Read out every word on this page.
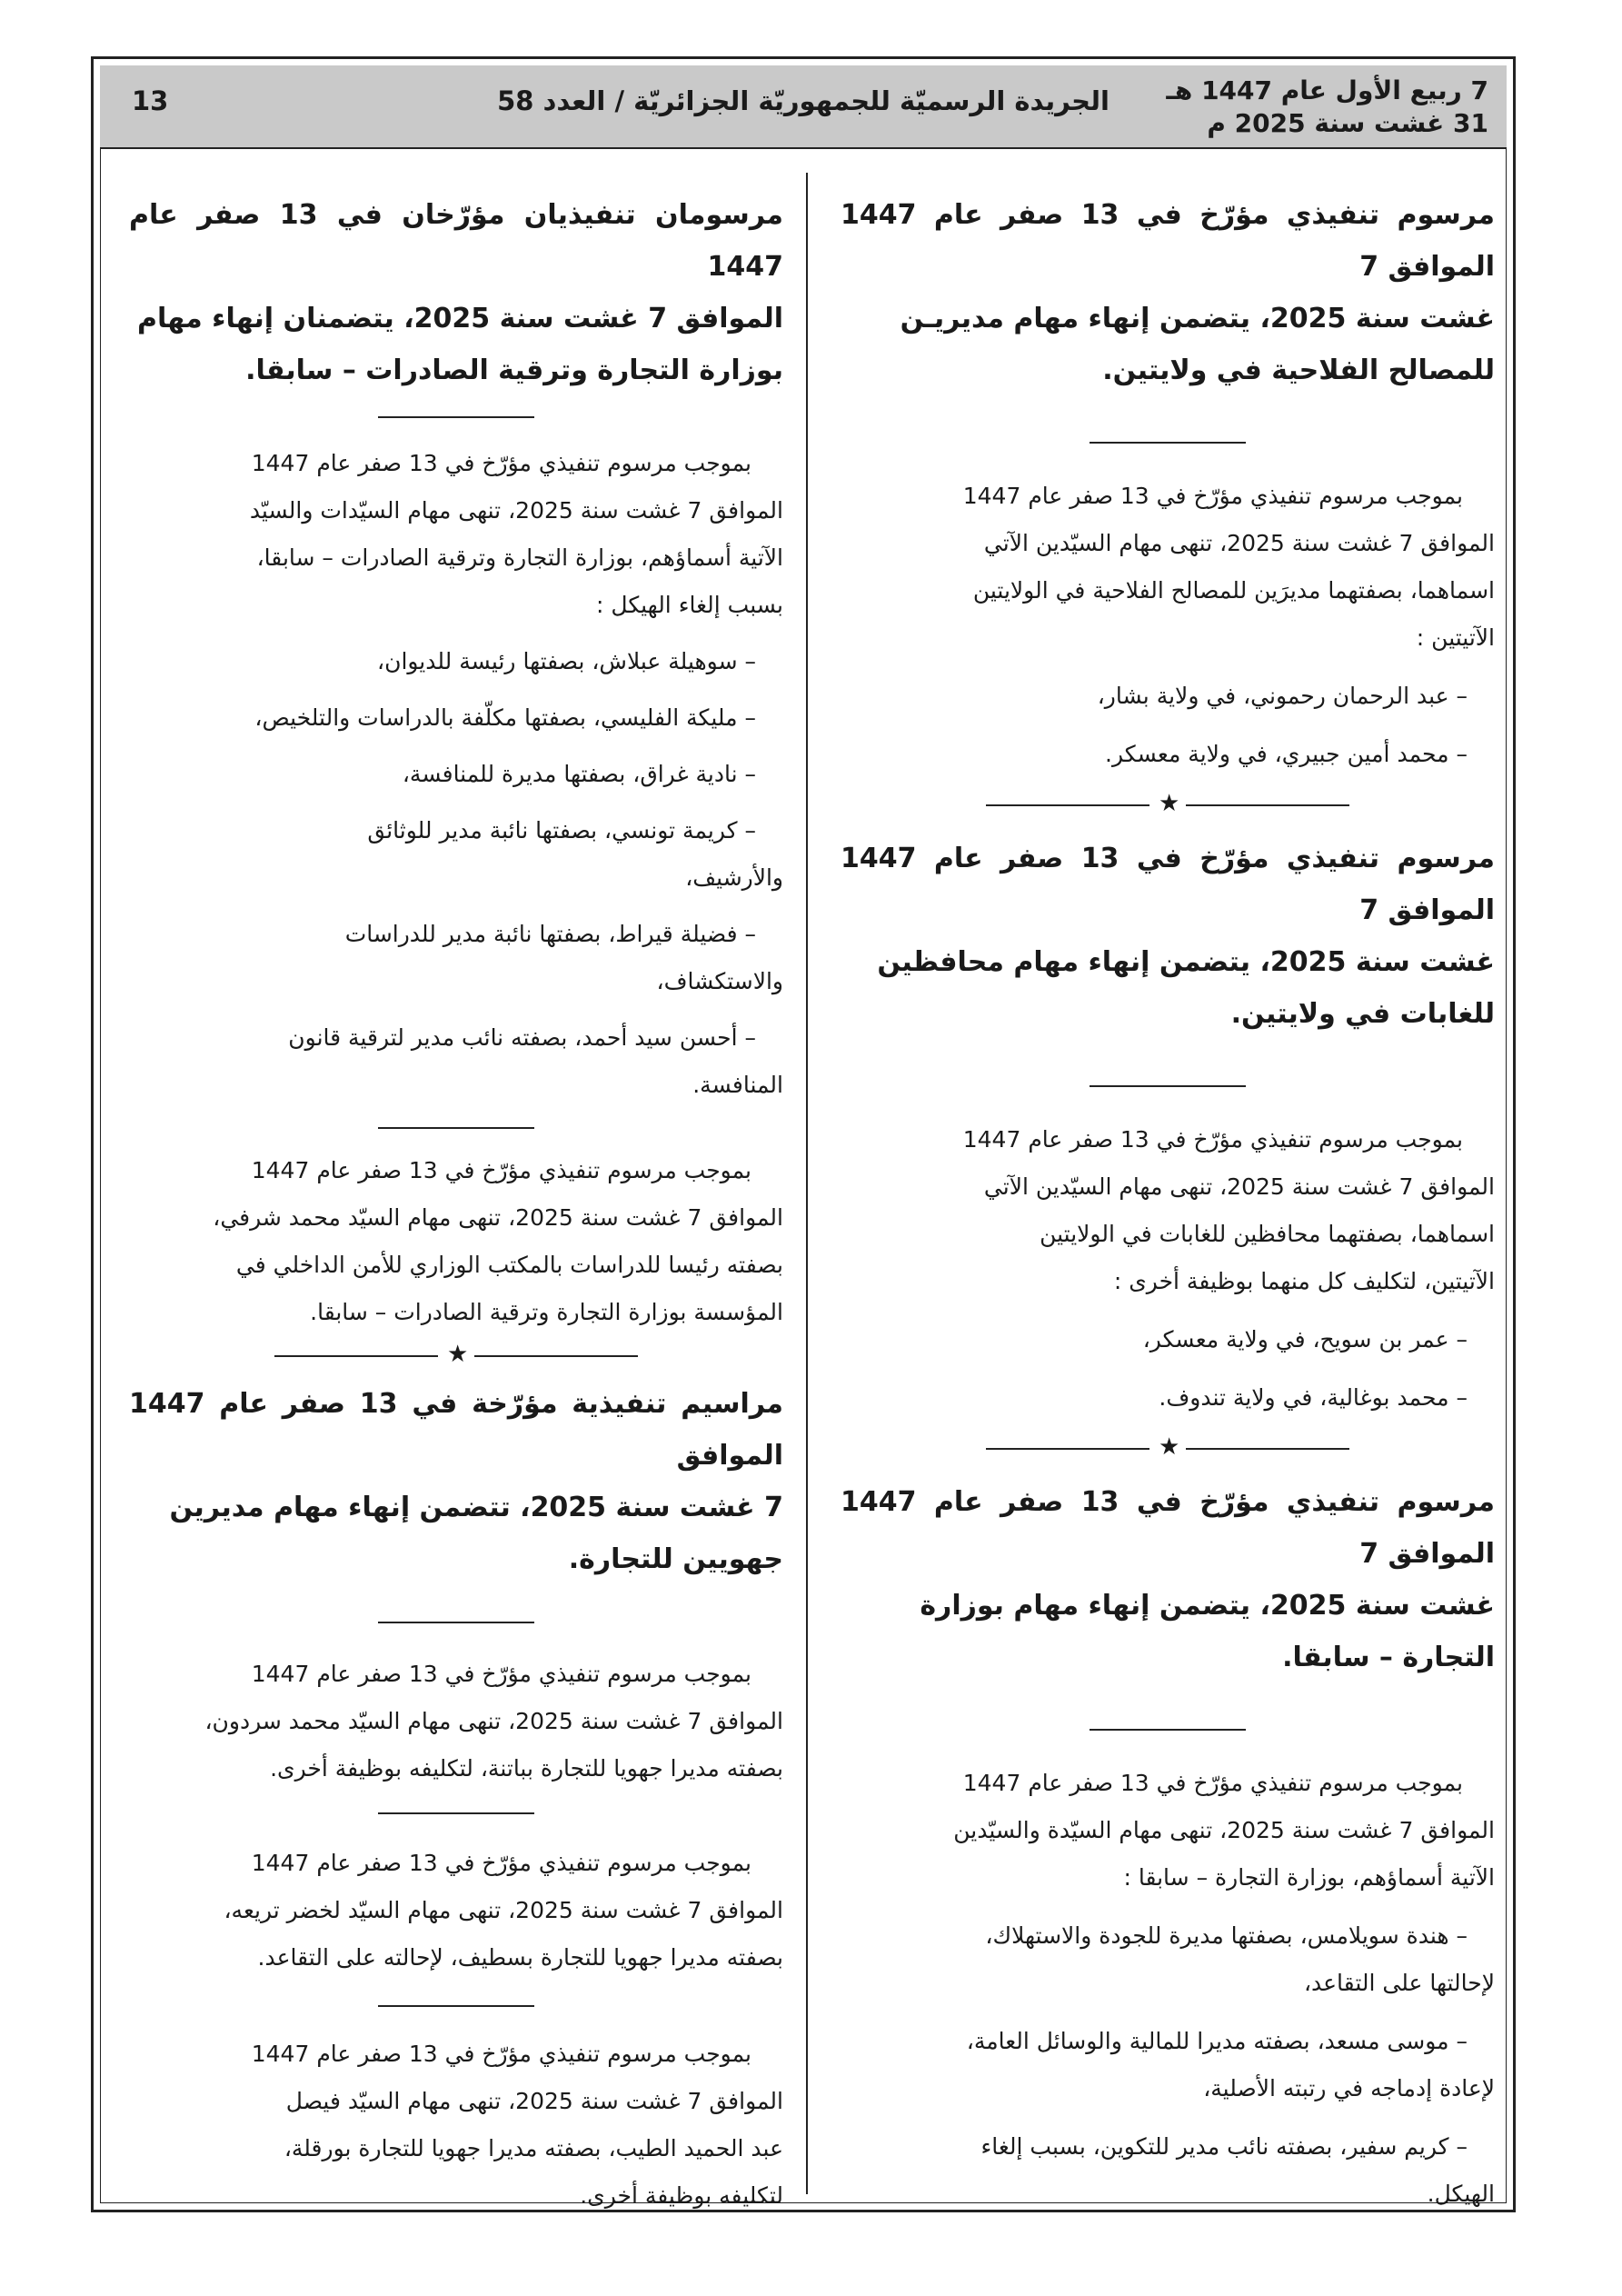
7 ربيع الأول عام 1447 هـ
31 غشت سنة 2025 م
الجريدة الرسميّة للجمهوريّة الجزائريّة / العدد 58
13

مرسوم تنفيذي مؤرّخ في 13 صفر عام 1447 الموافق 7

غشت سنة 2025، يتضمن إنهاء مهام مديريـن

للمصالح الفلاحية في ولايتين.

بموجب مرسوم تنفيذي مؤرّخ في 13 صفر عام 1447

الموافق 7 غشت سنة 2025، تنهى مهام السيّدين الآتي

اسماهما، بصفتهما مديرَين للمصالح الفلاحية في الولايتين

الآتيتين :

– عبد الرحمان رحموني، في ولاية بشار،

– محمد أمين جبيري، في ولاية معسكر.

★

مرسوم تنفيذي مؤرّخ في 13 صفر عام 1447 الموافق 7

غشت سنة 2025، يتضمن إنهاء مهام محافظين

للغابات في ولايتين.

بموجب مرسوم تنفيذي مؤرّخ في 13 صفر عام 1447

الموافق 7 غشت سنة 2025، تنهى مهام السيّدين الآتي

اسماهما، بصفتهما محافظين للغابات في الولايتين

الآتيتين، لتكليف كل منهما بوظيفة أخرى :

– عمر بن سويح، في ولاية معسكر،

– محمد بوغالية، في ولاية تندوف.

★

مرسوم تنفيذي مؤرّخ في 13 صفر عام 1447 الموافق 7

غشت سنة 2025، يتضمن إنهاء مهام بوزارة

التجارة – سابقا.

بموجب مرسوم تنفيذي مؤرّخ في 13 صفر عام 1447

الموافق 7 غشت سنة 2025، تنهى مهام السيّدة والسيّدين

الآتية أسماؤهم، بوزارة التجارة – سابقا :

– هندة سويلامس، بصفتها مديرة للجودة والاستهلاك،

لإحالتها على التقاعد،

– موسى مسعد، بصفته مديرا للمالية والوسائل العامة،

لإعادة إدماجه في رتبته الأصلية،

– كريم سفير، بصفته نائب مدير للتكوين، بسبب إلغاء

الهيكل.

مرسومان تنفيذيان مؤرّخان في 13 صفر عام 1447

الموافق 7 غشت سنة 2025، يتضمنان إنهاء مهام

بوزارة التجارة وترقية الصادرات – سابقا.

بموجب مرسوم تنفيذي مؤرّخ في 13 صفر عام 1447

الموافق 7 غشت سنة 2025، تنهى مهام السيّدات والسيّد

الآتية أسماؤهم، بوزارة التجارة وترقية الصادرات – سابقا،

بسبب إلغاء الهيكل :

– سوهيلة عبلاش، بصفتها رئيسة للديوان،

– مليكة الفليسي، بصفتها مكلّفة بالدراسات والتلخيص،

– نادية غراق، بصفتها مديرة للمنافسة،

– كريمة تونسي، بصفتها نائبة مدير للوثائق

والأرشيف،

– فضيلة قيراط، بصفتها نائبة مدير للدراسات

والاستكشاف،

– أحسن سيد أحمد، بصفته نائب مدير لترقية قانون

المنافسة.

بموجب مرسوم تنفيذي مؤرّخ في 13 صفر عام 1447

الموافق 7 غشت سنة 2025، تنهى مهام السيّد محمد شرفي،

بصفته رئيسا للدراسات بالمكتب الوزاري للأمن الداخلي في

المؤسسة بوزارة التجارة وترقية الصادرات – سابقا.

★

مراسيم تنفيذية مؤرّخة في 13 صفر عام 1447 الموافق

7 غشت سنة 2025، تتضمن إنهاء مهام مديرين

جهويين للتجارة.

بموجب مرسوم تنفيذي مؤرّخ في 13 صفر عام 1447

الموافق 7 غشت سنة 2025، تنهى مهام السيّد محمد سردون،

بصفته مديرا جهويا للتجارة بباتنة، لتكليفه بوظيفة أخرى.

بموجب مرسوم تنفيذي مؤرّخ في 13 صفر عام 1447

الموافق 7 غشت سنة 2025، تنهى مهام السيّد لخضر تريعه،

بصفته مديرا جهويا للتجارة بسطيف، لإحالته على التقاعد.

بموجب مرسوم تنفيذي مؤرّخ في 13 صفر عام 1447

الموافق 7 غشت سنة 2025، تنهى مهام السيّد فيصل

عبد الحميد الطيب، بصفته مديرا جهويا للتجارة بورقلة،

لتكليفه بوظيفة أخرى.
